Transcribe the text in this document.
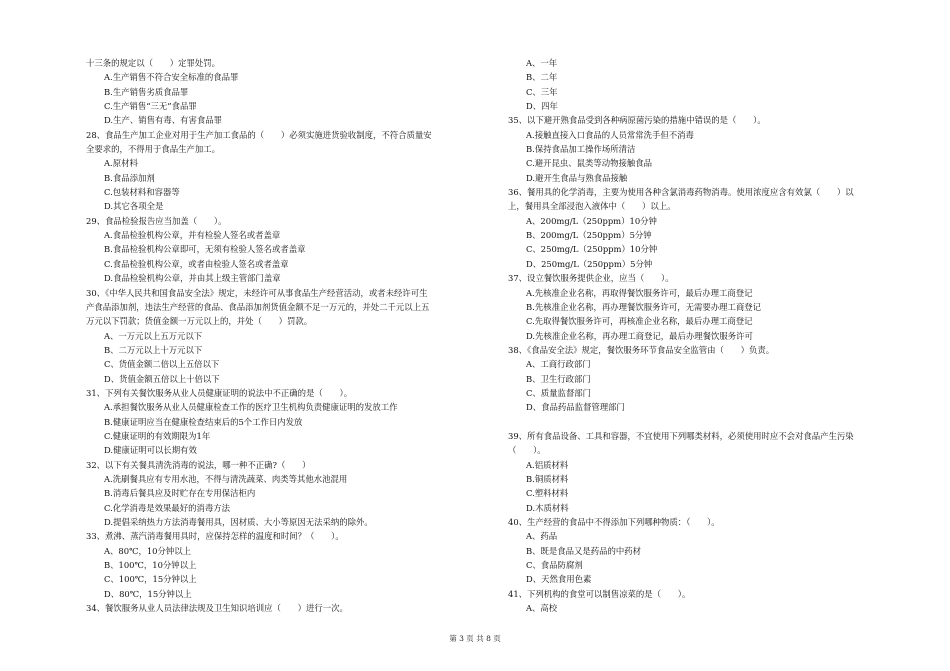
十三条的规定以（　　）定罪处罚。
A.生产销售不符合安全标准的食品罪
B.生产销售劣质食品罪
C.生产销售“三无”食品罪
D.生产、销售有毒、有害食品罪
28、食品生产加工企业对用于生产加工食品的（　　）必须实施进货验收制度，不符合质量安
全要求的，不得用于食品生产加工。
A.原材料
B.食品添加剂
C.包装材料和容器等
D.其它各项全是
29、食品检验报告应当加盖（　　）。
A.食品检验机构公章，并有检验人签名或者盖章
B.食品检验机构公章即可，无须有检验人签名或者盖章
C.食品检验机构公章，或者由检验人签名或者盖章
D.食品检验机构公章，并由其上级主管部门盖章
30、《中华人民共和国食品安全法》规定，未经许可从事食品生产经营活动，或者未经许可生
产食品添加剂，违法生产经营的食品、食品添加剂货值金额不足一万元的，并处二千元以上五
万元以下罚款；货值金额一万元以上的，并处（　　）罚款。
A、一万元以上五万元以下
B、二万元以上十万元以下
C、货值金额二倍以上五倍以下
D、货值金额五倍以上十倍以下
31、下列有关餐饮服务从业人员健康证明的说法中不正确的是（　　）。
A.承担餐饮服务从业人员健康检查工作的医疗卫生机构负责健康证明的发放工作
B.健康证明应当在健康检查结束后的5个工作日内发放
C.健康证明的有效期限为1年
D.健康证明可以长期有效
32、以下有关餐具清洗消毒的说法，哪一种不正确?（　　）
A.洗刷餐具应有专用水池，不得与清洗蔬菜、肉类等其他水池混用
B.消毒后餐具应及时贮存在专用保洁柜内
C.化学消毒是效果最好的消毒方法
D.提倡采纳热力方法消毒餐用具，因材质、大小等原因无法采纳的除外。
33、煮沸、蒸汽消毒餐用具时，应保持怎样的温度和时间？（　　）。
A、80℃，10分钟以上
B、100℃，10分钟以上
C、100℃，15分钟以上
D、80℃，15分钟以上
34、餐饮服务从业人员法律法规及卫生知识培训应（　　）进行一次。
A、一年
B、二年
C、三年
D、四年
35、以下避开熟食品受到各种病原菌污染的措施中错误的是（　　）。
A.接触直接入口食品的人员常常洗手但不消毒
B.保持食品加工操作场所清洁
C.避开昆虫、鼠类等动物接触食品
D.避开生食品与熟食品接触
36、餐用具的化学消毒，主要为使用各种含氯消毒药物消毒。使用浓度应含有效氯（　　）以
上，餐用具全部浸泡入液体中（　　）以上。
A、200mg/L（250ppm）10分钟
B、200mg/L（250ppm）5分钟
C、250mg/L（250ppm）10分钟
D、250mg/L（250ppm）5分钟
37、设立餐饮服务提供企业，应当（　　）。
A.先核准企业名称，再取得餐饮服务许可，最后办理工商登记
B.先核准企业名称，再办理餐饮服务许可，无需要办理工商登记
C.先取得餐饮服务许可，再核准企业名称，最后办理工商登记
D.先核准企业名称，再办理工商登记，最后办理餐饮服务许可
38、《食品安全法》规定，餐饮服务环节食品安全监管由（　　）负责。
A、工商行政部门
B、卫生行政部门
C、质量监督部门
D、食品药品监督管理部门
39、所有食品设备、工具和容器，不宜使用下列哪类材料，必须使用时应不会对食品产生污染
（　　）。
A.铝质材料
B.铜质材料
C.塑料材料
D.木质材料
40、生产经营的食品中不得添加下列哪种物质：（　　）。
A、药品
B、既是食品又是药品的中药材
C、食品防腐剂
D、天然食用色素
41、下列机构的食堂可以制售凉菜的是（　　）。
A、高校
第 3 页 共 8 页
